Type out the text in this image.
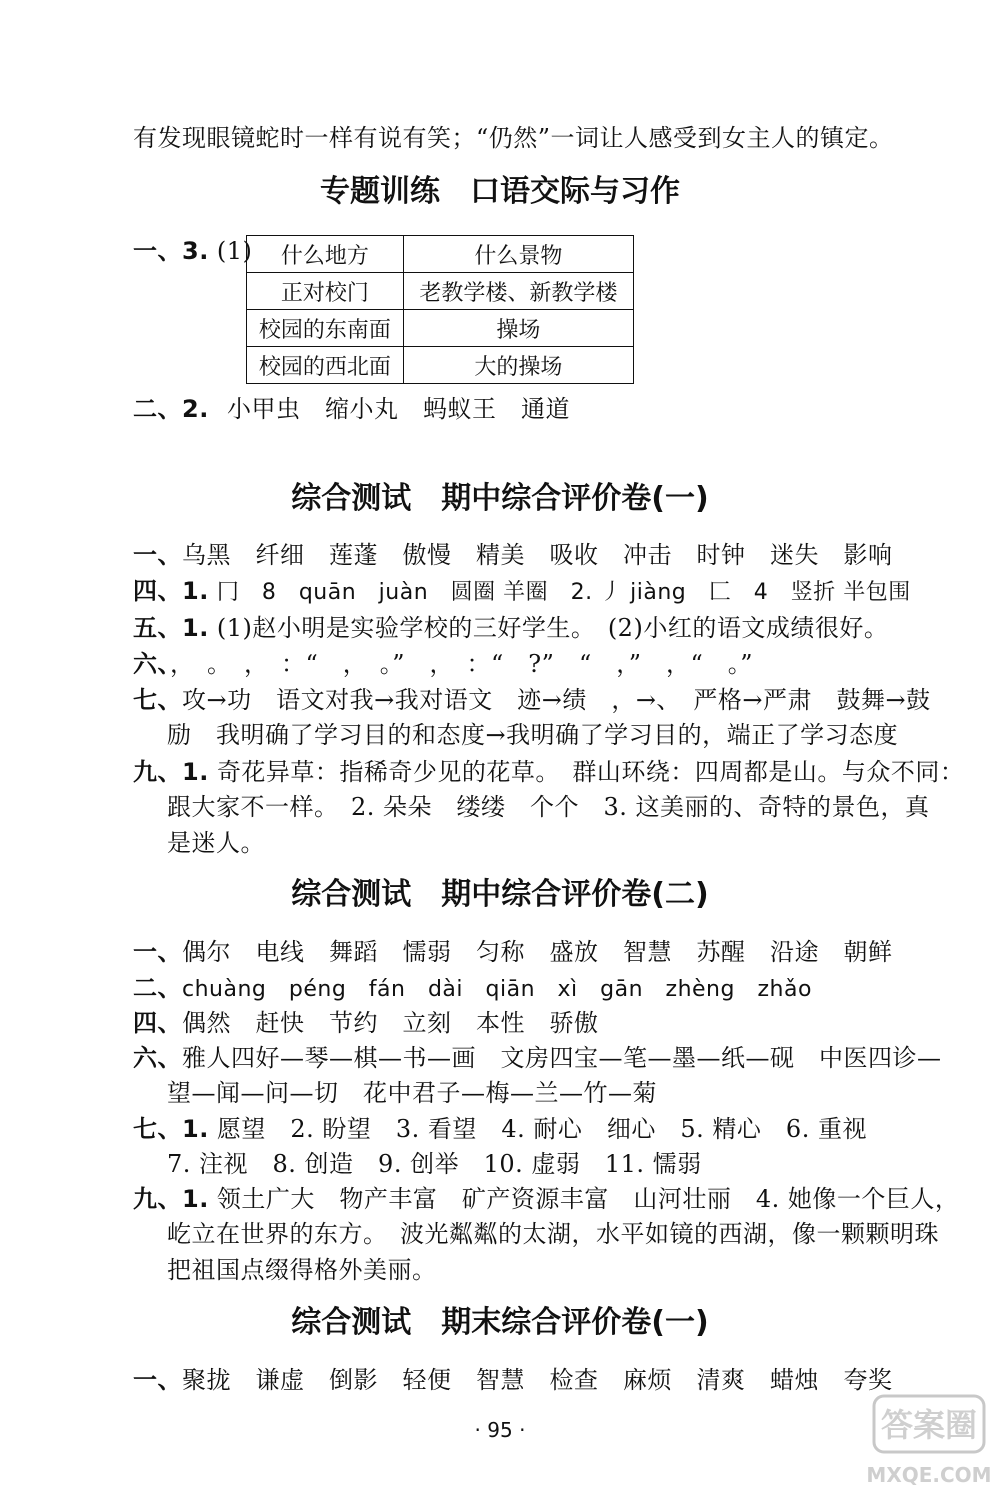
有发现眼镜蛇时一样有说有笑；“仍然”一词让人感受到女主人的镇定。
专题训练　口语交际与习作
一、3. (1) 什么地方	什么景物
正对校门	老教学楼、新教学楼
校园的东南面	操场
校园的西北面	大的操场
二、2. 小甲虫　缩小丸　蚂蚁王　通道
综合测试　期中综合评价卷(一)
一、乌黑　纤细　莲蓬　傲慢　精美　吸收　冲击　时钟　迷失　影响
四、1. 冂　8　quān　juàn　圆圈 羊圈　2. 丿 jiàng　匚　4　竖折 半包围
五、1. (1)赵小明是实验学校的三好学生。　(2)小红的语文成绩很好。
六、，　。　，　：“　，　。”　，　：“　?”　“　，”　，“　。”
七、攻→功　语文对我→我对语文　迹→绩　，→、　严格→严肃　鼓舞→鼓
励　我明确了学习目的和态度→我明确了学习目的，端正了学习态度
九、1. 奇花异草：指稀奇少见的花草。　群山环绕：四周都是山。与众不同：
跟大家不一样。　2. 朵朵　缕缕　个个　3. 这美丽的、奇特的景色，真
是迷人。
综合测试　期中综合评价卷(二)
一、偶尔　电线　舞蹈　懦弱　匀称　盛放　智慧　苏醒　沿途　朝鲜
二、chuàng　péng　fán　dài　qiān　xì　gān　zhèng　zhǎo
四、偶然　赶快　节约　立刻　本性　骄傲
六、雅人四好—琴—棋—书—画　文房四宝—笔—墨—纸—砚　中医四诊—
望—闻—问—切　花中君子—梅—兰—竹—菊
七、1. 愿望　2. 盼望　3. 看望　4. 耐心　细心　5. 精心　6. 重视
7. 注视　8. 创造　9. 创举　10. 虚弱　11. 懦弱
九、1. 领土广大　物产丰富　矿产资源丰富　山河壮丽　4. 她像一个巨人，
屹立在世界的东方。　波光粼粼的太湖，水平如镜的西湖，像一颗颗明珠
把祖国点缀得格外美丽。
综合测试　期末综合评价卷(一)
一、聚拢　谦虚　倒影　轻便　智慧　检查　麻烦　清爽　蜡烛　夸奖
· 95 ·	答案圈
MXQE.COM
